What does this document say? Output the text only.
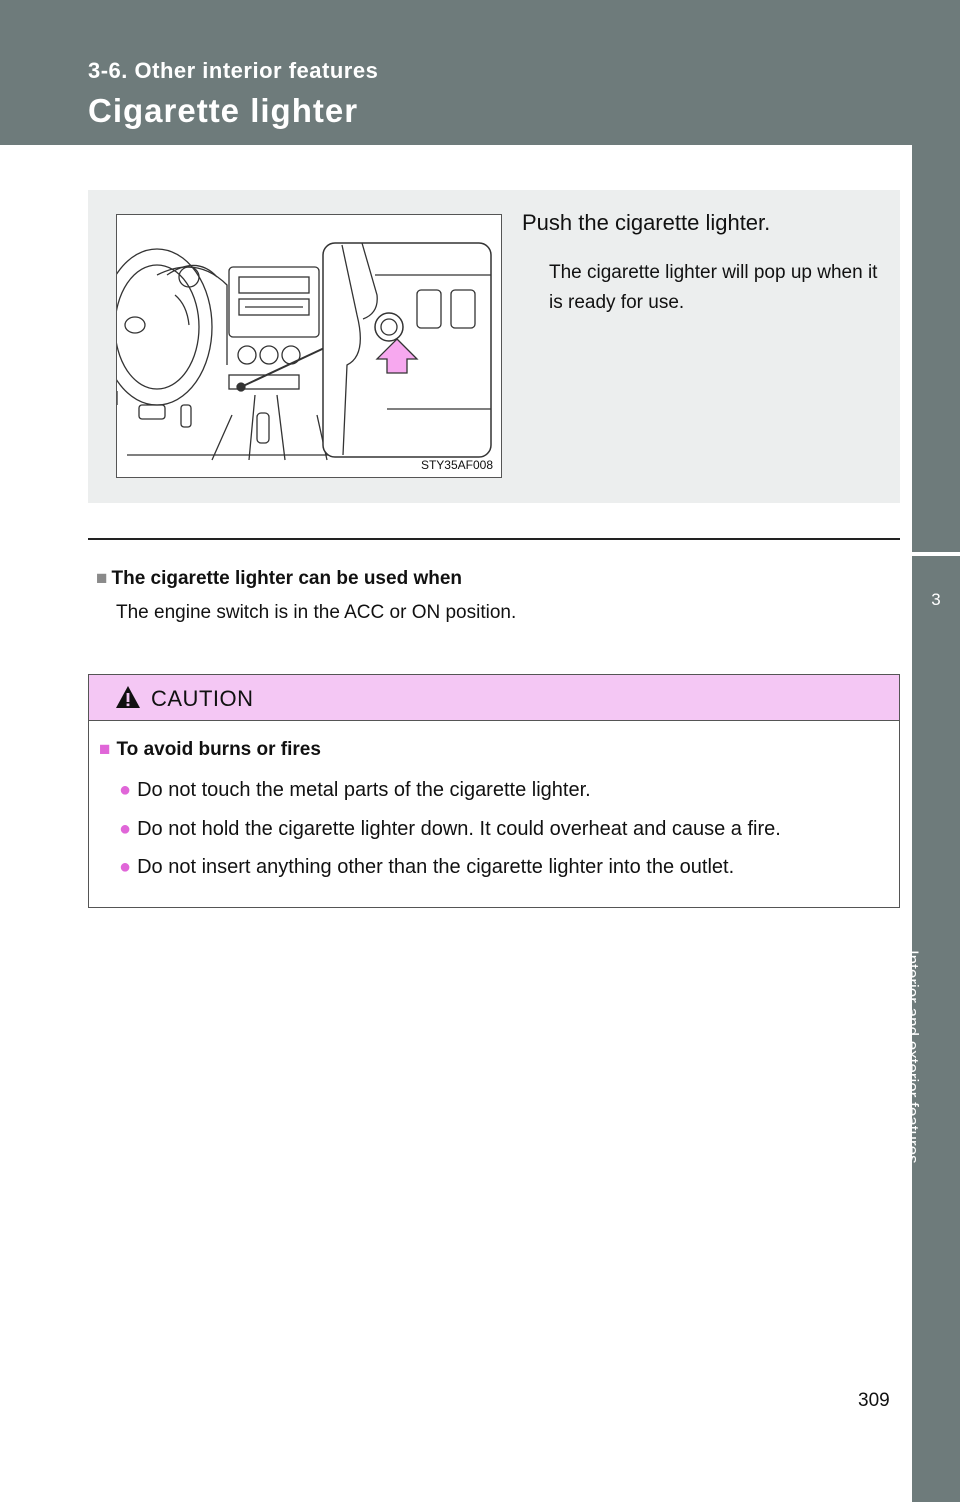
3-6. Other interior features
Cigarette lighter
3
Interior and exterior features
STY35AF008
Push the cigarette lighter.
The cigarette lighter will pop up when it is ready for use.
■ The cigarette lighter can be used when
The engine switch is in the ACC or ON position.
CAUTION
■ To avoid burns or fires
● Do not touch the metal parts of the cigarette lighter.
● Do not hold the cigarette lighter down. It could overheat and cause a fire.
● Do not insert anything other than the cigarette lighter into the outlet.
309
